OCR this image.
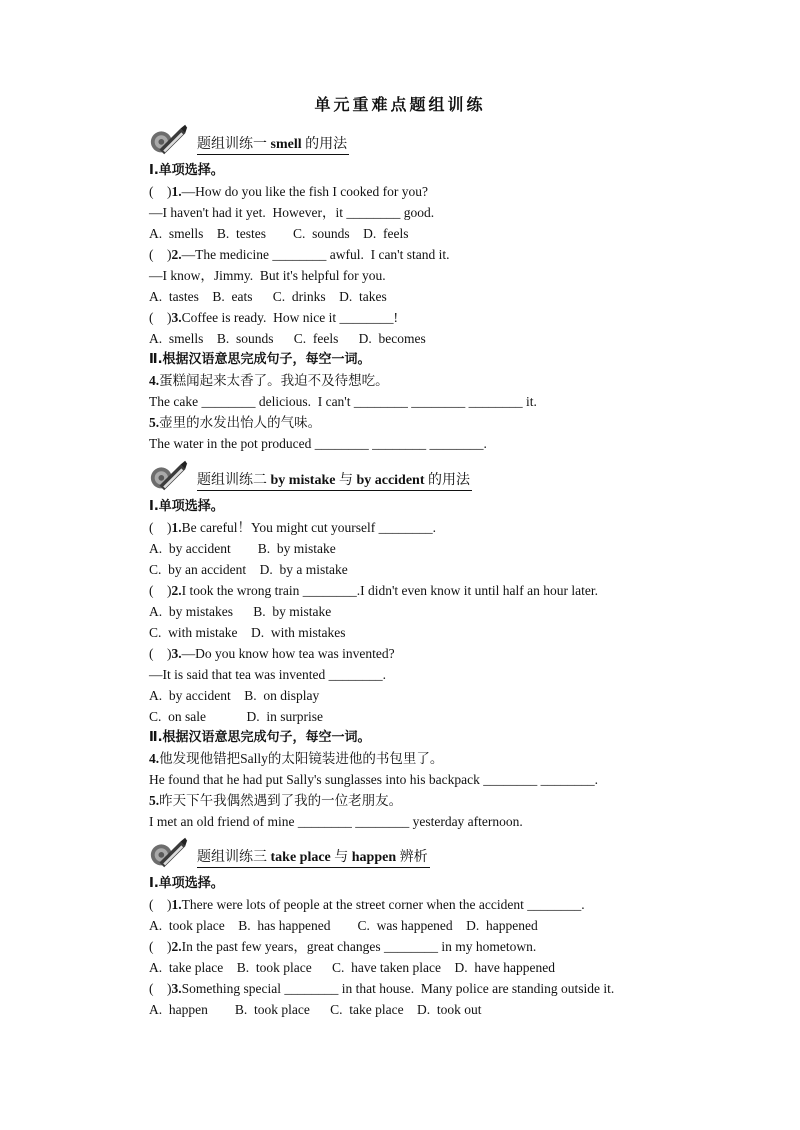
单元重难点题组训练
题组训练一 smell 的用法
Ⅰ.单项选择。
(　)1.—How do you like the fish I cooked for you?
—I haven't had it yet.  However，it ________ good.
A.  smells    B.  testes        C.  sounds    D.  feels
(　)2.—The medicine ________ awful.  I can't stand it.
—I know，Jimmy.  But it's helpful for you.
A.  tastes    B.  eats      C.  drinks    D.  takes
(　)3.Coffee is ready.  How nice it ________!
A.  smells    B.  sounds      C.  feels      D.  becomes
Ⅱ.根据汉语意思完成句子，每空一词。
4.蛋糕闻起来太香了。我迫不及待想吃。
The cake ________ delicious.  I can't ________ ________ ________ it.
5.壶里的水发出怡人的气味。
The water in the pot produced ________ ________ ________.
题组训练二 by mistake 与 by accident 的用法
Ⅰ.单项选择。
(　)1.Be careful！You might cut yourself ________.
A.  by accident        B.  by mistake
C.  by an accident    D.  by a mistake
(　)2.I took the wrong train ________.I didn't even know it until half an hour later.
A.  by mistakes      B.  by mistake
C.  with mistake    D.  with mistakes
(　)3.—Do you know how tea was invented?
—It is said that tea was invented ________.
A.  by accident    B.  on display
C.  on sale            D.  in surprise
Ⅱ.根据汉语意思完成句子，每空一词。
4.他发现他错把Sally的太阳镜装进他的书包里了。
He found that he had put Sally's sunglasses into his backpack ________ ________.
5.昨天下午我偶然遇到了我的一位老朋友。
I met an old friend of mine ________ ________ yesterday afternoon.
题组训练三 take place 与 happen 辨析
Ⅰ.单项选择。
(　)1.There were lots of people at the street corner when the accident ________.
A.  took place    B.  has happened        C.  was happened    D.  happened
(　)2.In the past few years，great changes ________ in my hometown.
A.  take place    B.  took place      C.  have taken place    D.  have happened
(　)3.Something special ________ in that house.  Many police are standing outside it.
A.  happen        B.  took place      C.  take place    D.  took out
